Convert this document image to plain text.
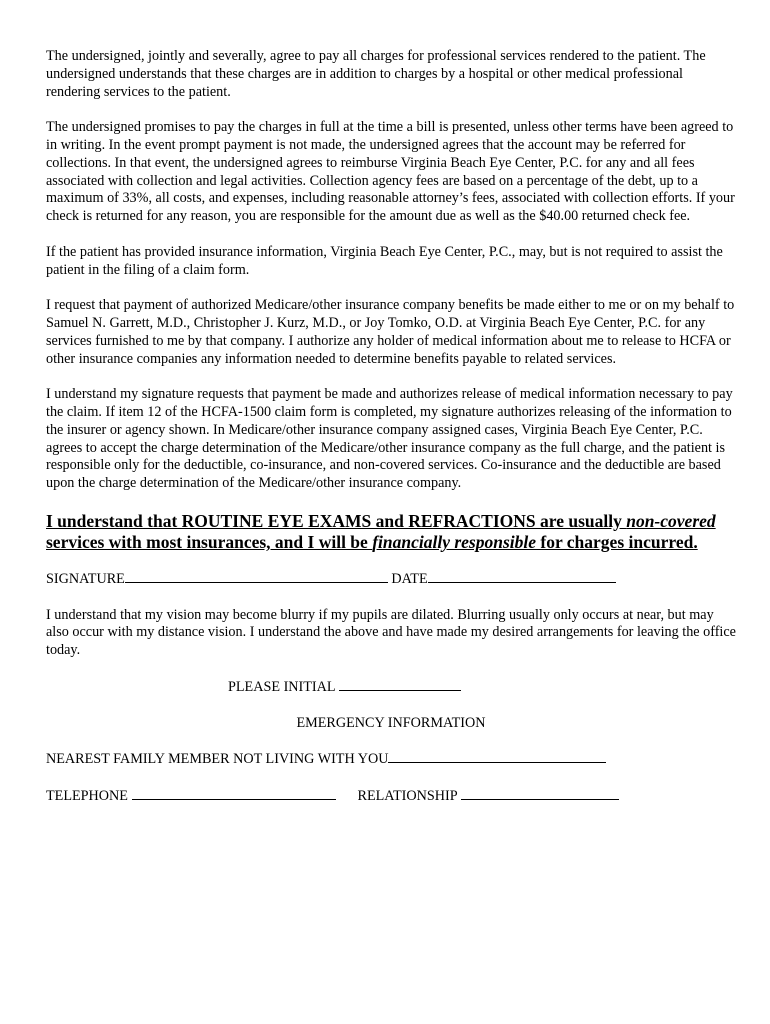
The undersigned, jointly and severally, agree to pay all charges for professional services rendered to the patient. The undersigned understands that these charges are in addition to charges by a hospital or other medical professional rendering services to the patient.

The undersigned promises to pay the charges in full at the time a bill is presented, unless other terms have been agreed to in writing. In the event prompt payment is not made, the undersigned agrees that the account may be referred for collections. In that event, the undersigned agrees to reimburse Virginia Beach Eye Center, P.C. for any and all fees associated with collection and legal activities. Collection agency fees are based on a percentage of the debt, up to a maximum of 33%, all costs, and expenses, including reasonable attorney’s fees, associated with collection efforts. If your check is returned for any reason, you are responsible for the amount due as well as the $40.00 returned check fee.

If the patient has provided insurance information, Virginia Beach Eye Center, P.C., may, but is not required to assist the patient in the filing of a claim form.

I request that payment of authorized Medicare/other insurance company benefits be made either to me or on my behalf to Samuel N. Garrett, M.D., Christopher J. Kurz, M.D., or Joy Tomko, O.D. at Virginia Beach Eye Center, P.C. for any services furnished to me by that company. I authorize any holder of medical information about me to release to HCFA or other insurance companies any information needed to determine benefits payable to related services.

I understand my signature requests that payment be made and authorizes release of medical information necessary to pay the claim. If item 12 of the HCFA-1500 claim form is completed, my signature authorizes releasing of the information to the insurer or agency shown. In Medicare/other insurance company assigned cases, Virginia Beach Eye Center, P.C. agrees to accept the charge determination of the Medicare/other insurance company as the full charge, and the patient is responsible only for the deductible, co-insurance, and non-covered services. Co-insurance and the deductible are based upon the charge determination of the Medicare/other insurance company.

I understand that ROUTINE EYE EXAMS and REFRACTIONS are usually non-covered services with most insurances, and I will be financially responsible for charges incurred.

SIGNATURE	DATE

I understand that my vision may become blurry if my pupils are dilated. Blurring usually only occurs at near, but may also occur with my distance vision. I understand the above and have made my desired arrangements for leaving the office today.

PLEASE INITIAL
EMERGENCY INFORMATION
NEAREST FAMILY MEMBER NOT LIVING WITH YOU
TELEPHONE	RELATIONSHIP
